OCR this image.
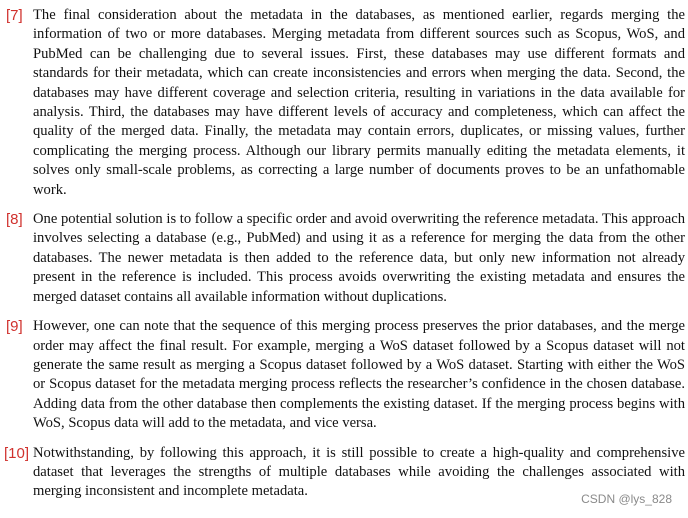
[7] The final consideration about the metadata in the databases, as mentioned earlier, regards merging the information of two or more databases. Merging metadata from different sources such as Scopus, WoS, and PubMed can be challenging due to several issues. First, these databases may use different formats and standards for their metadata, which can create inconsistencies and errors when merging the data. Second, the databases may have different coverage and selection criteria, resulting in variations in the data available for analysis. Third, the databases may have different levels of accuracy and completeness, which can affect the quality of the merged data. Finally, the metadata may contain errors, duplicates, or missing values, further complicating the merging process. Although our library permits manually editing the metadata elements, it solves only small-scale problems, as correcting a large number of documents proves to be an unfathomable work.
[8] One potential solution is to follow a specific order and avoid overwriting the reference metadata. This approach involves selecting a database (e.g., PubMed) and using it as a reference for merging the data from the other databases. The newer metadata is then added to the reference data, but only new information not already present in the reference is included. This process avoids overwriting the existing metadata and ensures the merged dataset contains all available information without duplications.
[9] However, one can note that the sequence of this merging process preserves the prior databases, and the merge order may affect the final result. For example, merging a WoS dataset followed by a Scopus dataset will not generate the same result as merging a Scopus dataset followed by a WoS dataset. Starting with either the WoS or Scopus dataset for the metadata merging process reflects the researcher’s confidence in the chosen database. Adding data from the other database then complements the existing dataset. If the merging process begins with WoS, Scopus data will add to the metadata, and vice versa.
[10] Notwithstanding, by following this approach, it is still possible to create a high-quality and comprehensive dataset that leverages the strengths of multiple databases while avoiding the challenges associated with merging inconsistent and incomplete metadata.	CSDN @lys_828
